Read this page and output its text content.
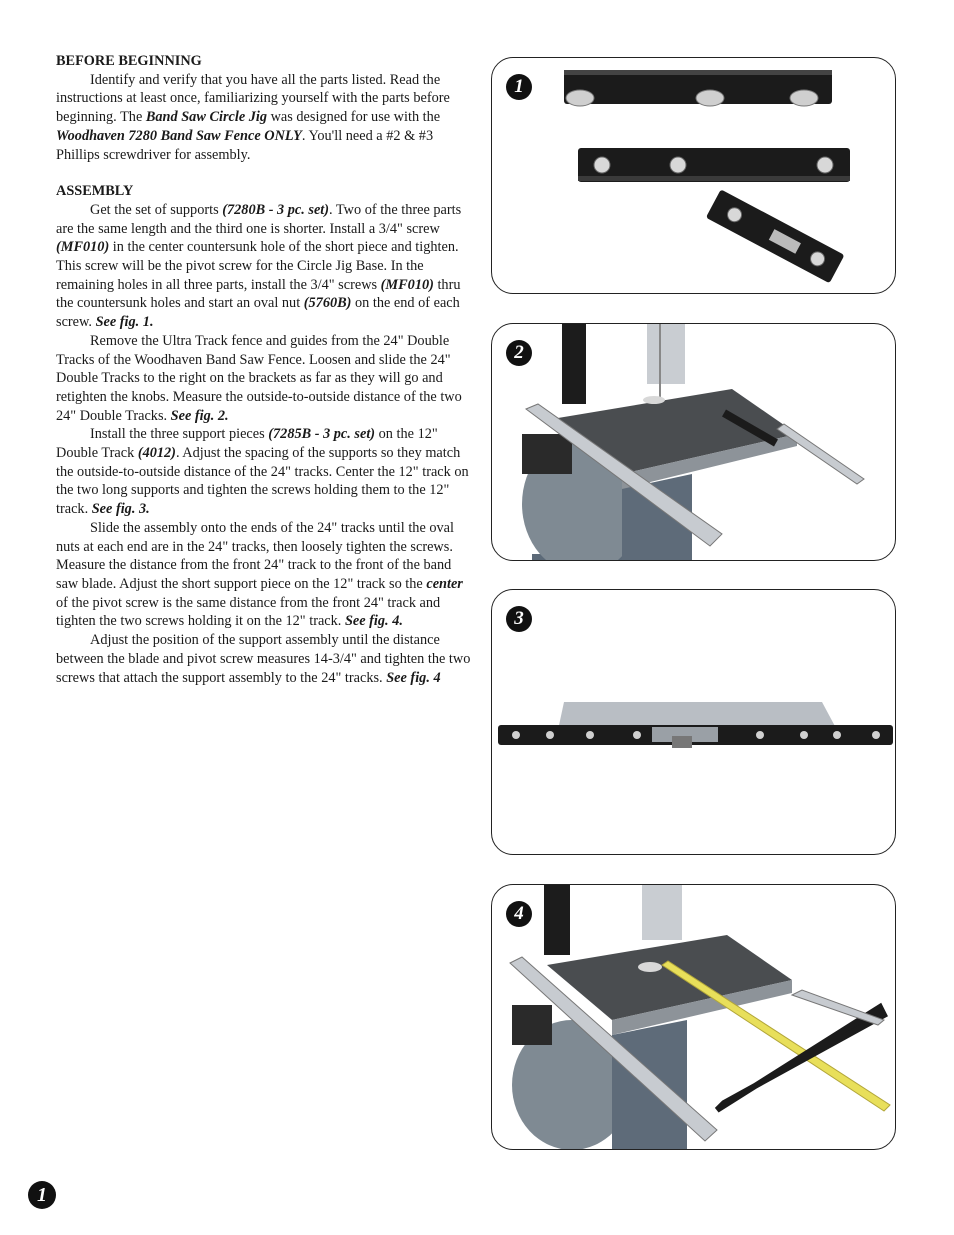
BEFORE BEGINNING

Identify and verify that you have all the parts listed. Read the instructions at least once, familiarizing yourself with the parts before beginning. The Band Saw Circle Jig was designed for use with the Woodhaven 7280 Band Saw Fence ONLY. You'll need a #2 & #3 Phillips screwdriver for assembly.

ASSEMBLY

Get the set of supports (7280B - 3 pc. set). Two of the three parts are the same length and the third one is shorter. Install a 3/4" screw (MF010) in the center countersunk hole of the short piece and tighten. This screw will be the pivot screw for the Circle Jig Base. In the remaining holes in all three parts, install the 3/4" screws (MF010) thru the countersunk holes and start an oval nut (5760B) on the end of each screw. See fig. 1.

Remove the Ultra Track fence and guides from the 24" Double Tracks of the Woodhaven Band Saw Fence. Loosen and slide the 24" Double Tracks to the right on the brackets as far as they will go and retighten the knobs. Measure the outside-to-outside distance of the two 24" Double Tracks. See fig. 2.

Install the three support pieces (7285B - 3 pc. set) on the 12" Double Track (4012). Adjust the spacing of the supports so they match the outside-to-outside distance of the 24" tracks. Center the 12" track on the two long supports and tighten the screws holding them to the 12" track. See fig. 3.

Slide the assembly onto the ends of the 24" tracks until the oval nuts at each end are in the 24" tracks, then loosely tighten the screws. Measure the distance from the front 24" track to the front of the band saw blade. Adjust the short support piece on the 12" track so the center of the pivot screw is the same distance from the front 24" track and tighten the two screws holding it on the 12" track. See fig. 4.

Adjust the position of the support assembly until the distance between the blade and pivot screw measures 14-3/4" and tighten the two screws that attach the support assembly to the 24" tracks. See fig. 4

1
2
3
4
1
